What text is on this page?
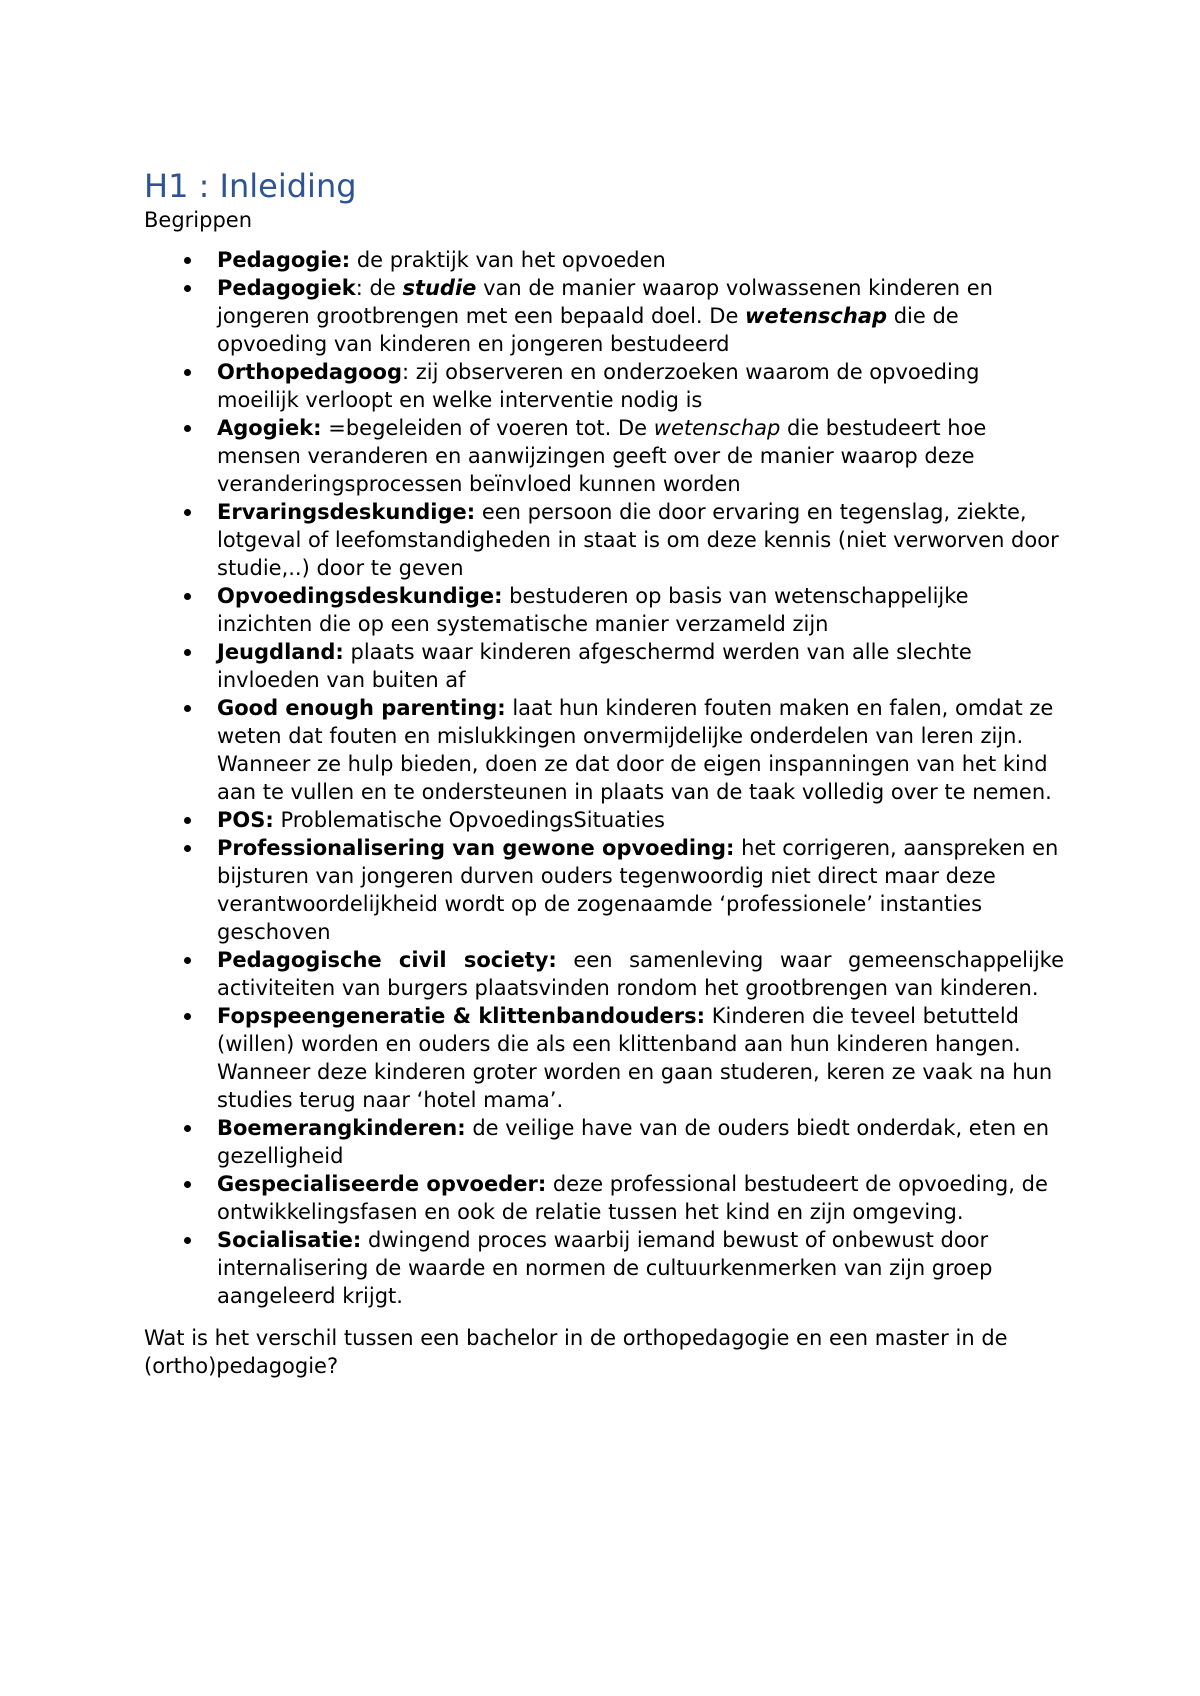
H1 : Inleiding

Begrippen

Pedagogie: de praktijk van het opvoeden
Pedagogiek: de studie van de manier waarop volwassenen kinderen en jongeren grootbrengen met een bepaald doel. De wetenschap die de opvoeding van kinderen en jongeren bestudeerd
Orthopedagoog: zij observeren en onderzoeken waarom de opvoeding moeilijk verloopt en welke interventie nodig is
Agogiek: =begeleiden of voeren tot. De wetenschap die bestudeert hoe mensen veranderen en aanwijzingen geeft over de manier waarop deze veranderingsprocessen beïnvloed kunnen worden
Ervaringsdeskundige: een persoon die door ervaring en tegenslag, ziekte, lotgeval of leefomstandigheden in staat is om deze kennis (niet verworven door studie,..) door te geven
Opvoedingsdeskundige: bestuderen op basis van wetenschappelijke inzichten die op een systematische manier verzameld zijn
Jeugdland: plaats waar kinderen afgeschermd werden van alle slechte invloeden van buiten af
Good enough parenting: laat hun kinderen fouten maken en falen, omdat ze weten dat fouten en mislukkingen onvermijdelijke onderdelen van leren zijn. Wanneer ze hulp bieden, doen ze dat door de eigen inspanningen van het kind aan te vullen en te ondersteunen in plaats van de taak volledig over te nemen.
POS: Problematische OpvoedingsSituaties
Professionalisering van gewone opvoeding: het corrigeren, aanspreken en bijsturen van jongeren durven ouders tegenwoordig niet direct maar deze verantwoordelijkheid wordt op de zogenaamde ‘professionele’ instanties geschoven
Pedagogische civil society: een samenleving waar gemeenschappelijke activiteiten van burgers plaatsvinden rondom het grootbrengen van kinderen.
Fopspeengeneratie & klittenbandouders: Kinderen die teveel betutteld (willen) worden en ouders die als een klittenband aan hun kinderen hangen. Wanneer deze kinderen groter worden en gaan studeren, keren ze vaak na hun studies terug naar ‘hotel mama’.
Boemerangkinderen: de veilige have van de ouders biedt onderdak, eten en gezelligheid
Gespecialiseerde opvoeder: deze professional bestudeert de opvoeding, de ontwikkelingsfasen en ook de relatie tussen het kind en zijn omgeving.
Socialisatie: dwingend proces waarbij iemand bewust of onbewust door internalisering de waarde en normen de cultuurkenmerken van zijn groep aangeleerd krijgt.

Wat is het verschil tussen een bachelor in de orthopedagogie en een master in de (ortho)pedagogie?
